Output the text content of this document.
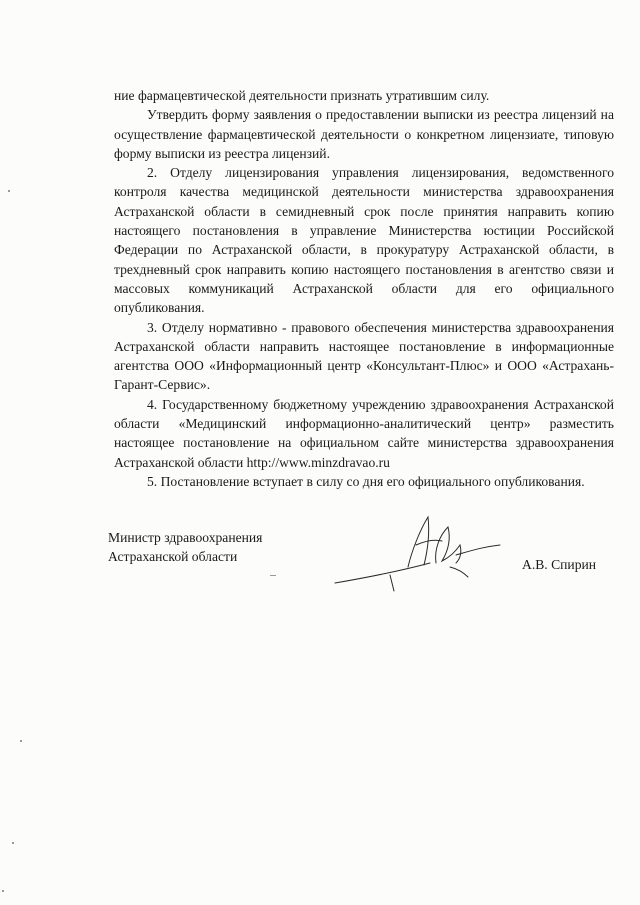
ние фармацевтической деятельности признать утратившим силу.

Утвердить форму заявления о предоставлении выписки из реестра лицензий на осуществление фармацевтической деятельности о конкретном лицензиате, типовую форму выписки из реестра лицензий.

2. Отделу лицензирования управления лицензирования, ведомственного контроля качества медицинской деятельности министерства здравоохранения Астраханской области в семидневный срок после принятия направить копию настоящего постановления в управление Министерства юстиции Российской Федерации по Астраханской области, в прокуратуру Астраханской области, в трехдневный срок направить копию настоящего постановления в агентство связи и массовых коммуникаций Астраханской области для его официального опубликования.

3. Отделу нормативно - правового обеспечения министерства здравоохранения Астраханской области направить настоящее постановление в информационные агентства ООО «Информационный центр «Консультант-Плюс» и ООО «Астрахань-Гарант-Сервис».

4. Государственному бюджетному учреждению здравоохранения Астраханской области «Медицинский информационно-аналитический центр» разместить настоящее постановление на официальном сайте министерства здравоохранения Астраханской области http://www.minzdravao.ru

5. Постановление вступает в силу со дня его официального опубликования.

Министр здравоохранения
Астраханской области
А.В. Спирин
